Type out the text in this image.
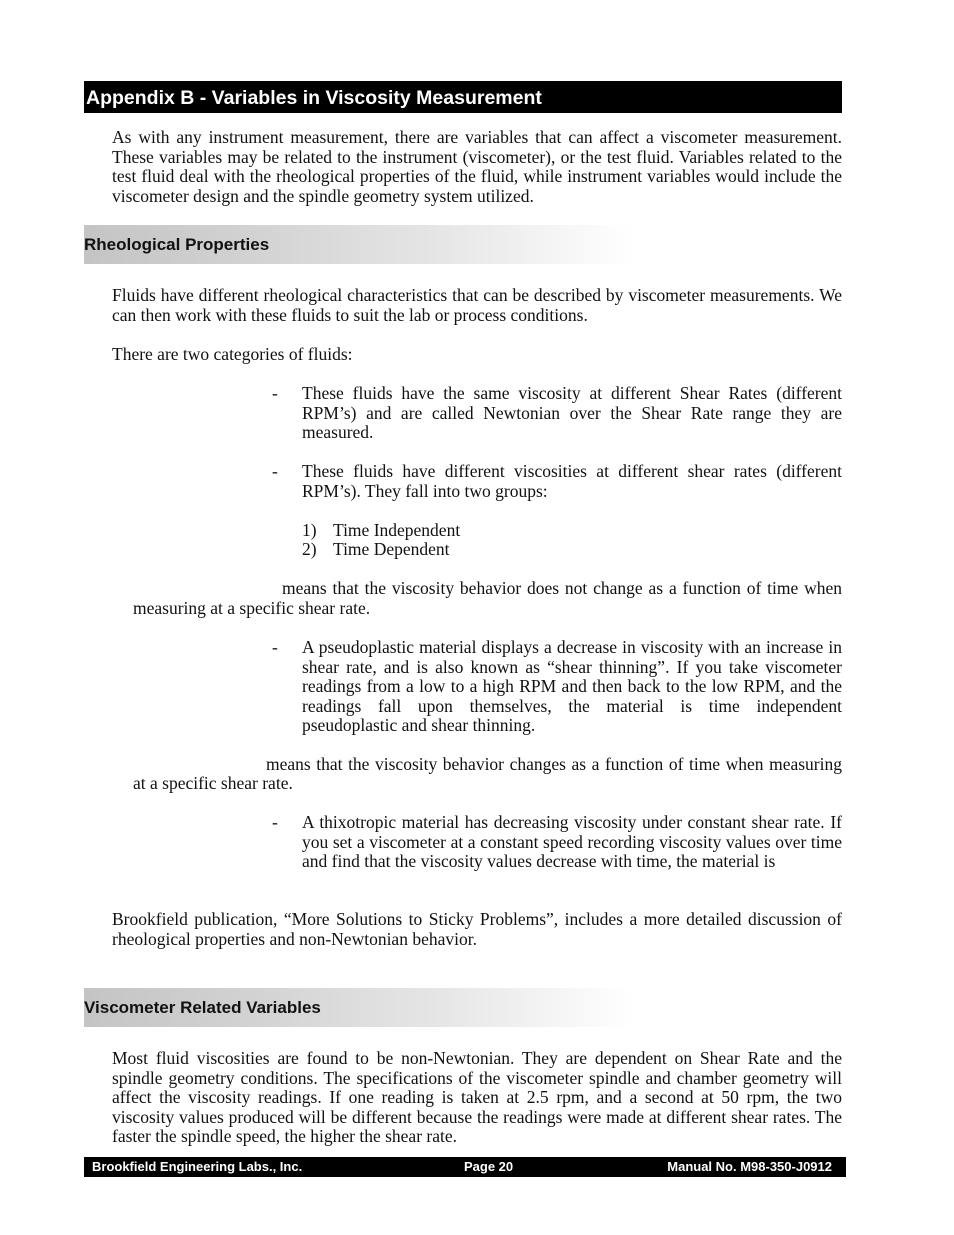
Appendix B - Variables in Viscosity Measurement
As with any instrument measurement, there are variables that can affect a viscometer measurement. These variables may be related to the instrument (viscometer), or the test fluid. Variables related to the test fluid deal with the rheological properties of the fluid, while instrument variables would include the viscometer design and the spindle geometry system utilized.
Rheological Properties
Fluids have different rheological characteristics that can be described by viscometer measurements. We can then work with these fluids to suit the lab or process conditions.
There are two categories of fluids:
- These fluids have the same viscosity at different Shear Rates (different RPM’s) and are called Newtonian over the Shear Rate range they are measured.
- These fluids have different viscosities at different shear rates (different RPM’s). They fall into two groups:
1) Time Independent
2) Time Dependent
means that the viscosity behavior does not change as a function of time when
measuring at a specific shear rate.
- A pseudoplastic material displays a decrease in viscosity with an increase in shear rate, and is also known as “shear thinning”. If you take viscometer readings from a low to a high RPM and then back to the low RPM, and the readings fall upon themselves, the material is time independent pseudoplastic and shear thinning.
means that the viscosity behavior changes as a function of time when measuring
at a specific shear rate.
- A thixotropic material has decreasing viscosity under constant shear rate. If you set a viscometer at a constant speed recording viscosity values over time and find that the viscosity values decrease with time, the material is
Brookfield publication, “More Solutions to Sticky Problems”, includes a more detailed discussion of rheological properties and non-Newtonian behavior.
Viscometer Related Variables
Most fluid viscosities are found to be non-Newtonian. They are dependent on Shear Rate and the spindle geometry conditions. The specifications of the viscometer spindle and chamber geometry will affect the viscosity readings. If one reading is taken at 2.5 rpm, and a second at 50 rpm, the two viscosity values produced will be different because the readings were made at different shear rates. The faster the spindle speed, the higher the shear rate.
Brookfield Engineering Labs., Inc.	Page 20	Manual No. M98-350-J0912
